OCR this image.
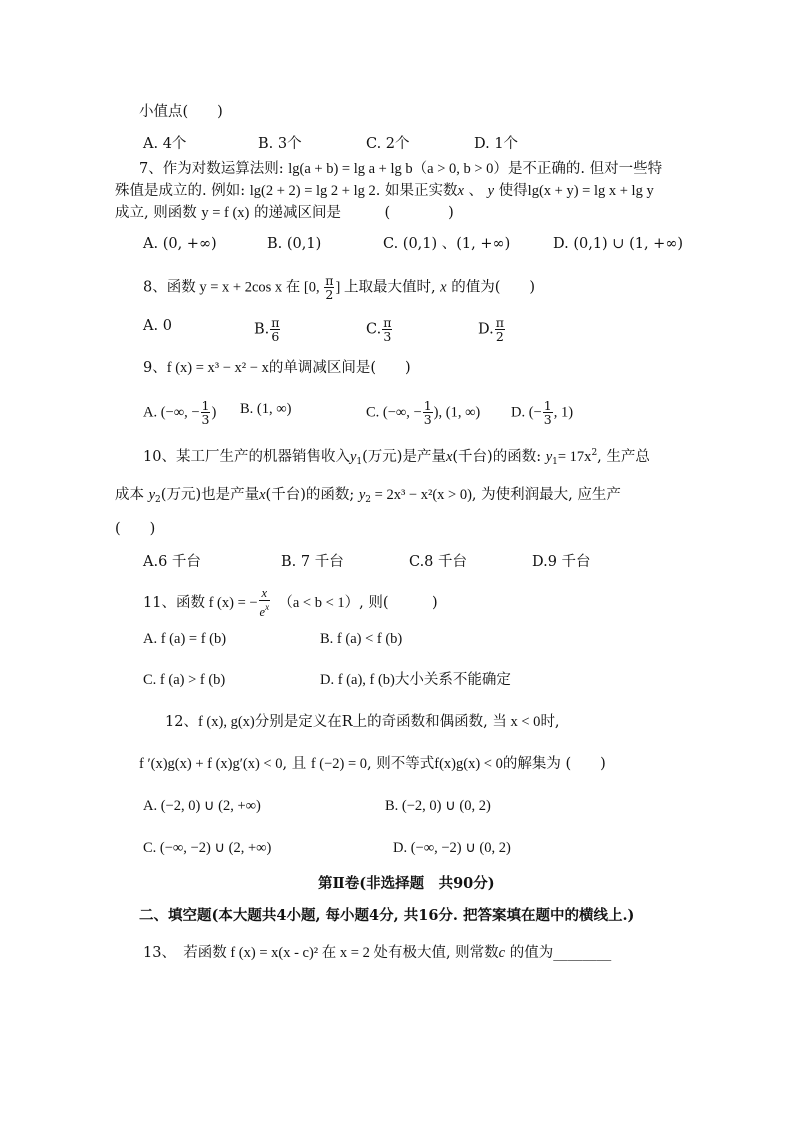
小值点(　　)
A. 4个	B. 3个	C. 2个	D. 1个
7、作为对数运算法则: lg(a + b) = lg a + lg b（a > 0, b > 0）是不正确的. 但对一些特
殊值是成立的. 例如: lg(2 + 2) = lg 2 + lg 2. 如果正实数x 、 y 使得lg(x + y) = lg x + lg y
成立, 则函数 y = f (x) 的递减区间是　　　(　　　　)
A. (0, +∞)	B. (0,1)	C. (0,1) 、(1, +∞)	D. (0,1) ∪ (1, +∞)
8、函数 y = x + 2cos x 在 [0, $\frac{\pi}{2}$ ] 上取最大值时, x 的值为(　　)
A. 0	B. $\frac{\pi}{6}$	C. $\frac{\pi}{3}$	D. $\frac{\pi}{2}$
9、f (x) = x³ − x² − x的单调减区间是(　　)
A. (−∞, − $\frac{1}{3}$ ) B. (1, ∞)	C. (−∞, − $\frac{1}{3}$ ), (1, ∞) D. (− $\frac{1}{3}$ , 1)
10、某工厂生产的机器销售收入$y_1$(万元)是产量x(千台)的函数: $y_1= 17x^2$, 生产总
成本 $y_2$(万元)也是产量x(千台)的函数; $y_2 = 2x^3 - x^2(x > 0)$, 为使利润最大, 应生产
(　　)
A.6 千台	B. 7 千台	C.8 千台	D.9 千台
11、函数 f (x) = − $\frac{x}{e^x}$
　 （a < b < 1）, 则(　　　)
A. f (a) = f (b)	B. f (a) < f (b)
C. f (a) > f (b)	D. f (a), f (b)大小关系不能确定
12、f (x), g(x)分别是定义在R上的奇函数和偶函数, 当 x < 0时,
f ′(x)g(x) + f (x)g′(x) < 0, 且 f (−2) = 0, 则不等式f(x)g(x) < 0的解集为 (　　)
A. (−2, 0) ∪ (2, +∞)	B. (−2, 0) ∪ (0, 2)
C. (−∞, −2) ∪ (2, +∞)	D. (−∞, −2) ∪ (0, 2)
第Ⅱ卷(非选择题　共90分)
二、填空题(本大题共4小题, 每小题4分, 共16分. 把答案填在题中的横线上.)
13、　若函数 f (x) = x(x - c)² 在 x = 2 处有极大值, 则常数c 的值为________
